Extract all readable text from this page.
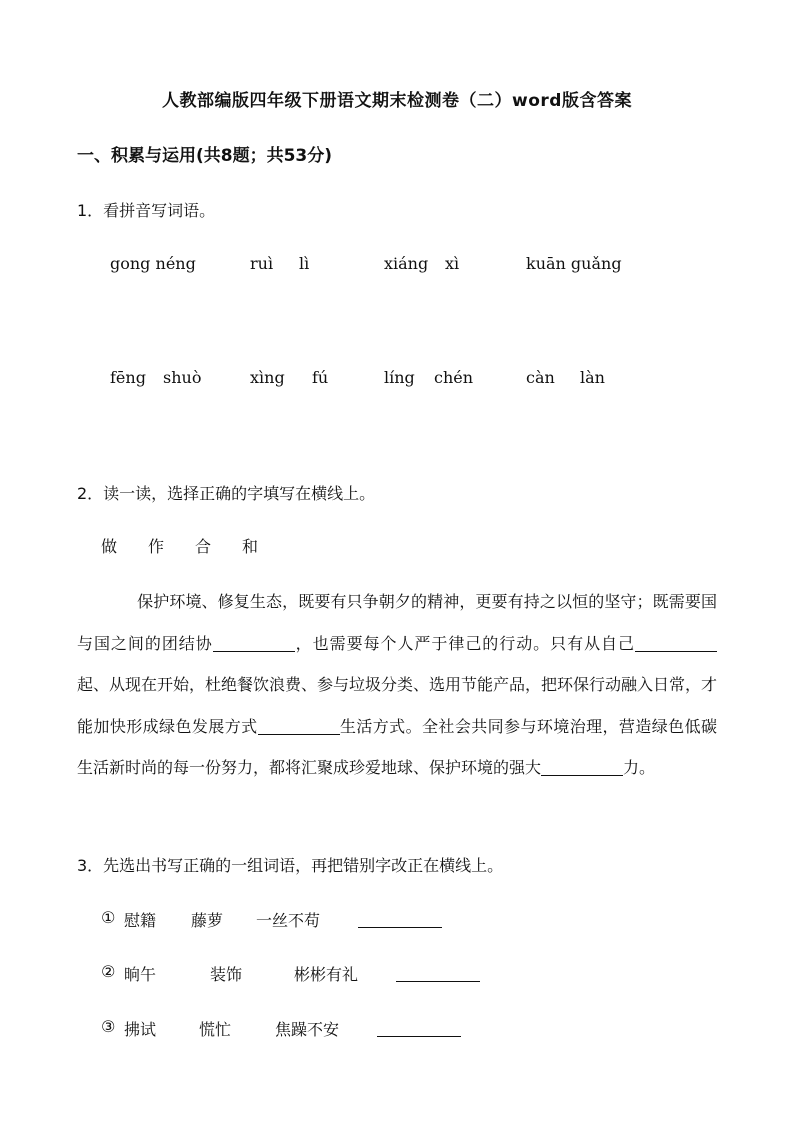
人教部编版四年级下册语文期末检测卷（二）word版含答案
一、积累与运用(共8题；共53分)
1．看拼音写词语。
gong néng	ruì lì	xiáng xì	kuān guǎng
fēng shuò	xìng fú	líng chén	càn làn
2．读一读，选择正确的字填写在横线上。
做 作 合 和
保护环境、修复生态，既要有只争朝夕的精神，更要有持之以恒的坚守；既需要国与国之间的团结协	，也需要每个人严于律己的行动。只有从自己起、从现在开始，杜绝餐饮浪费、参与垃圾分类、选用节能产品，把环保行动融入日常，才能加快形成绿色发展方式	生活方式。全社会共同参与环境治理，营造绿色低碳生活新时尚的每一份努力，都将汇聚成珍爱地球、保护环境的强大	力。
3．先选出书写正确的一组词语，再把错别字改正在横线上。
① 慰籍 藤萝 一丝不苟
② 晌午	装饰	彬彬有礼
③ 拂试	慌忙	焦躁不安
